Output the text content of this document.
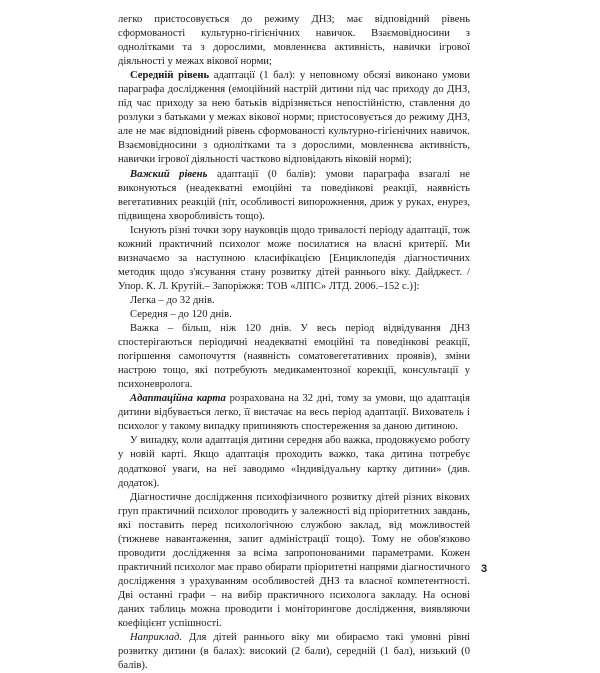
легко пристосовується до режиму ДНЗ; має відповідний рівень сформованості культурно-гігієнічних навичок. Взаємовідносини з однолітками та з дорослими, мовленнєва активність, навички ігрової діяльності у межах вікової норми;

Середній рівень адаптації (1 бал): у неповному обсязі виконано умови параграфа дослідження (емоційний настрій дитини під час приходу до ДНЗ, під час приходу за нею батьків відрізняється непостійністю, ставлення до розлуки з батьками у межах вікової норми; пристосовується до режиму ДНЗ, але не має відповідний рівень сформованості культурно-гігієнічних навичок. Взаємовідносини з однолітками та з дорослими, мовленнєва активність, навички ігрової діяльності частково відповідають віковій нормі);

Важкий рівень адаптації (0 балів): умови параграфа взагалі не виконуються (неадекватні емоційні та поведінкові реакції, наявність вегетативних реакцій (піт, особливості випорожнення, дриж у руках, енурез, підвищена хворобливість тощо).

Існують різні точки зору науковців щодо тривалості періоду адаптації, тож кожний практичний психолог може посилатися на власні критерії. Ми визначаємо за наступною класифікацією [Енциклопедія діагностичних методик щодо з'ясування стану розвитку дітей раннього віку. Дайджест. / Упор. К. Л. Крутій.– Запоріжжя: ТОВ «ЛІПС» ЛТД. 2006.–152 с.)]:

Легка – до 32 днів.

Середня – до 120 днів.

Важка – більш, ніж 120 днів. У весь період відвідування ДНЗ спостерігаються періодичні неадекватні емоційні та поведінкові реакції, погіршення самопочуття (наявність соматовегетативних проявів), зміни настрою тощо, які потребують медикаментозної корекції, консультації у психоневролога.

Адаптаційна карта розрахована на 32 дні, тому за умови, що адаптація дитини відбувається легко, її вистачає на весь період адаптації. Вихователь і психолог у такому випадку припиняють спостереження за даною дитиною.

У випадку, коли адаптація дитини середня або важка, продовжуємо роботу у новій карті. Якщо адаптація проходить важко, така дитина потребує додаткової уваги, на неї заводимо «Індивідуальну картку дитини» (див. додаток).

Діагностичне дослідження психофізичного розвитку дітей різних вікових груп практичний психолог проводить у залежності від пріоритетних завдань, які поставить перед психологічною службою заклад, від можливостей (тижневе навантаження, запит адміністрації тощо). Тому не обов'язково проводити дослідження за всіма запропонованими параметрами. Кожен практичний психолог має право обирати пріоритетні напрями діагностичного дослідження з урахуванням особливостей ДНЗ та власної компетентності. Дві останні графи – на вибір практичного психолога закладу. На основі даних таблиць можна проводити і моніторингове дослідження, виявляючи коефіцієнт успішності.

Наприклад. Для дітей раннього віку ми обираємо такі умовні рівні розвитку дитини (в балах): високий (2 бали), середній (1 бал), низький (0 балів).

3
